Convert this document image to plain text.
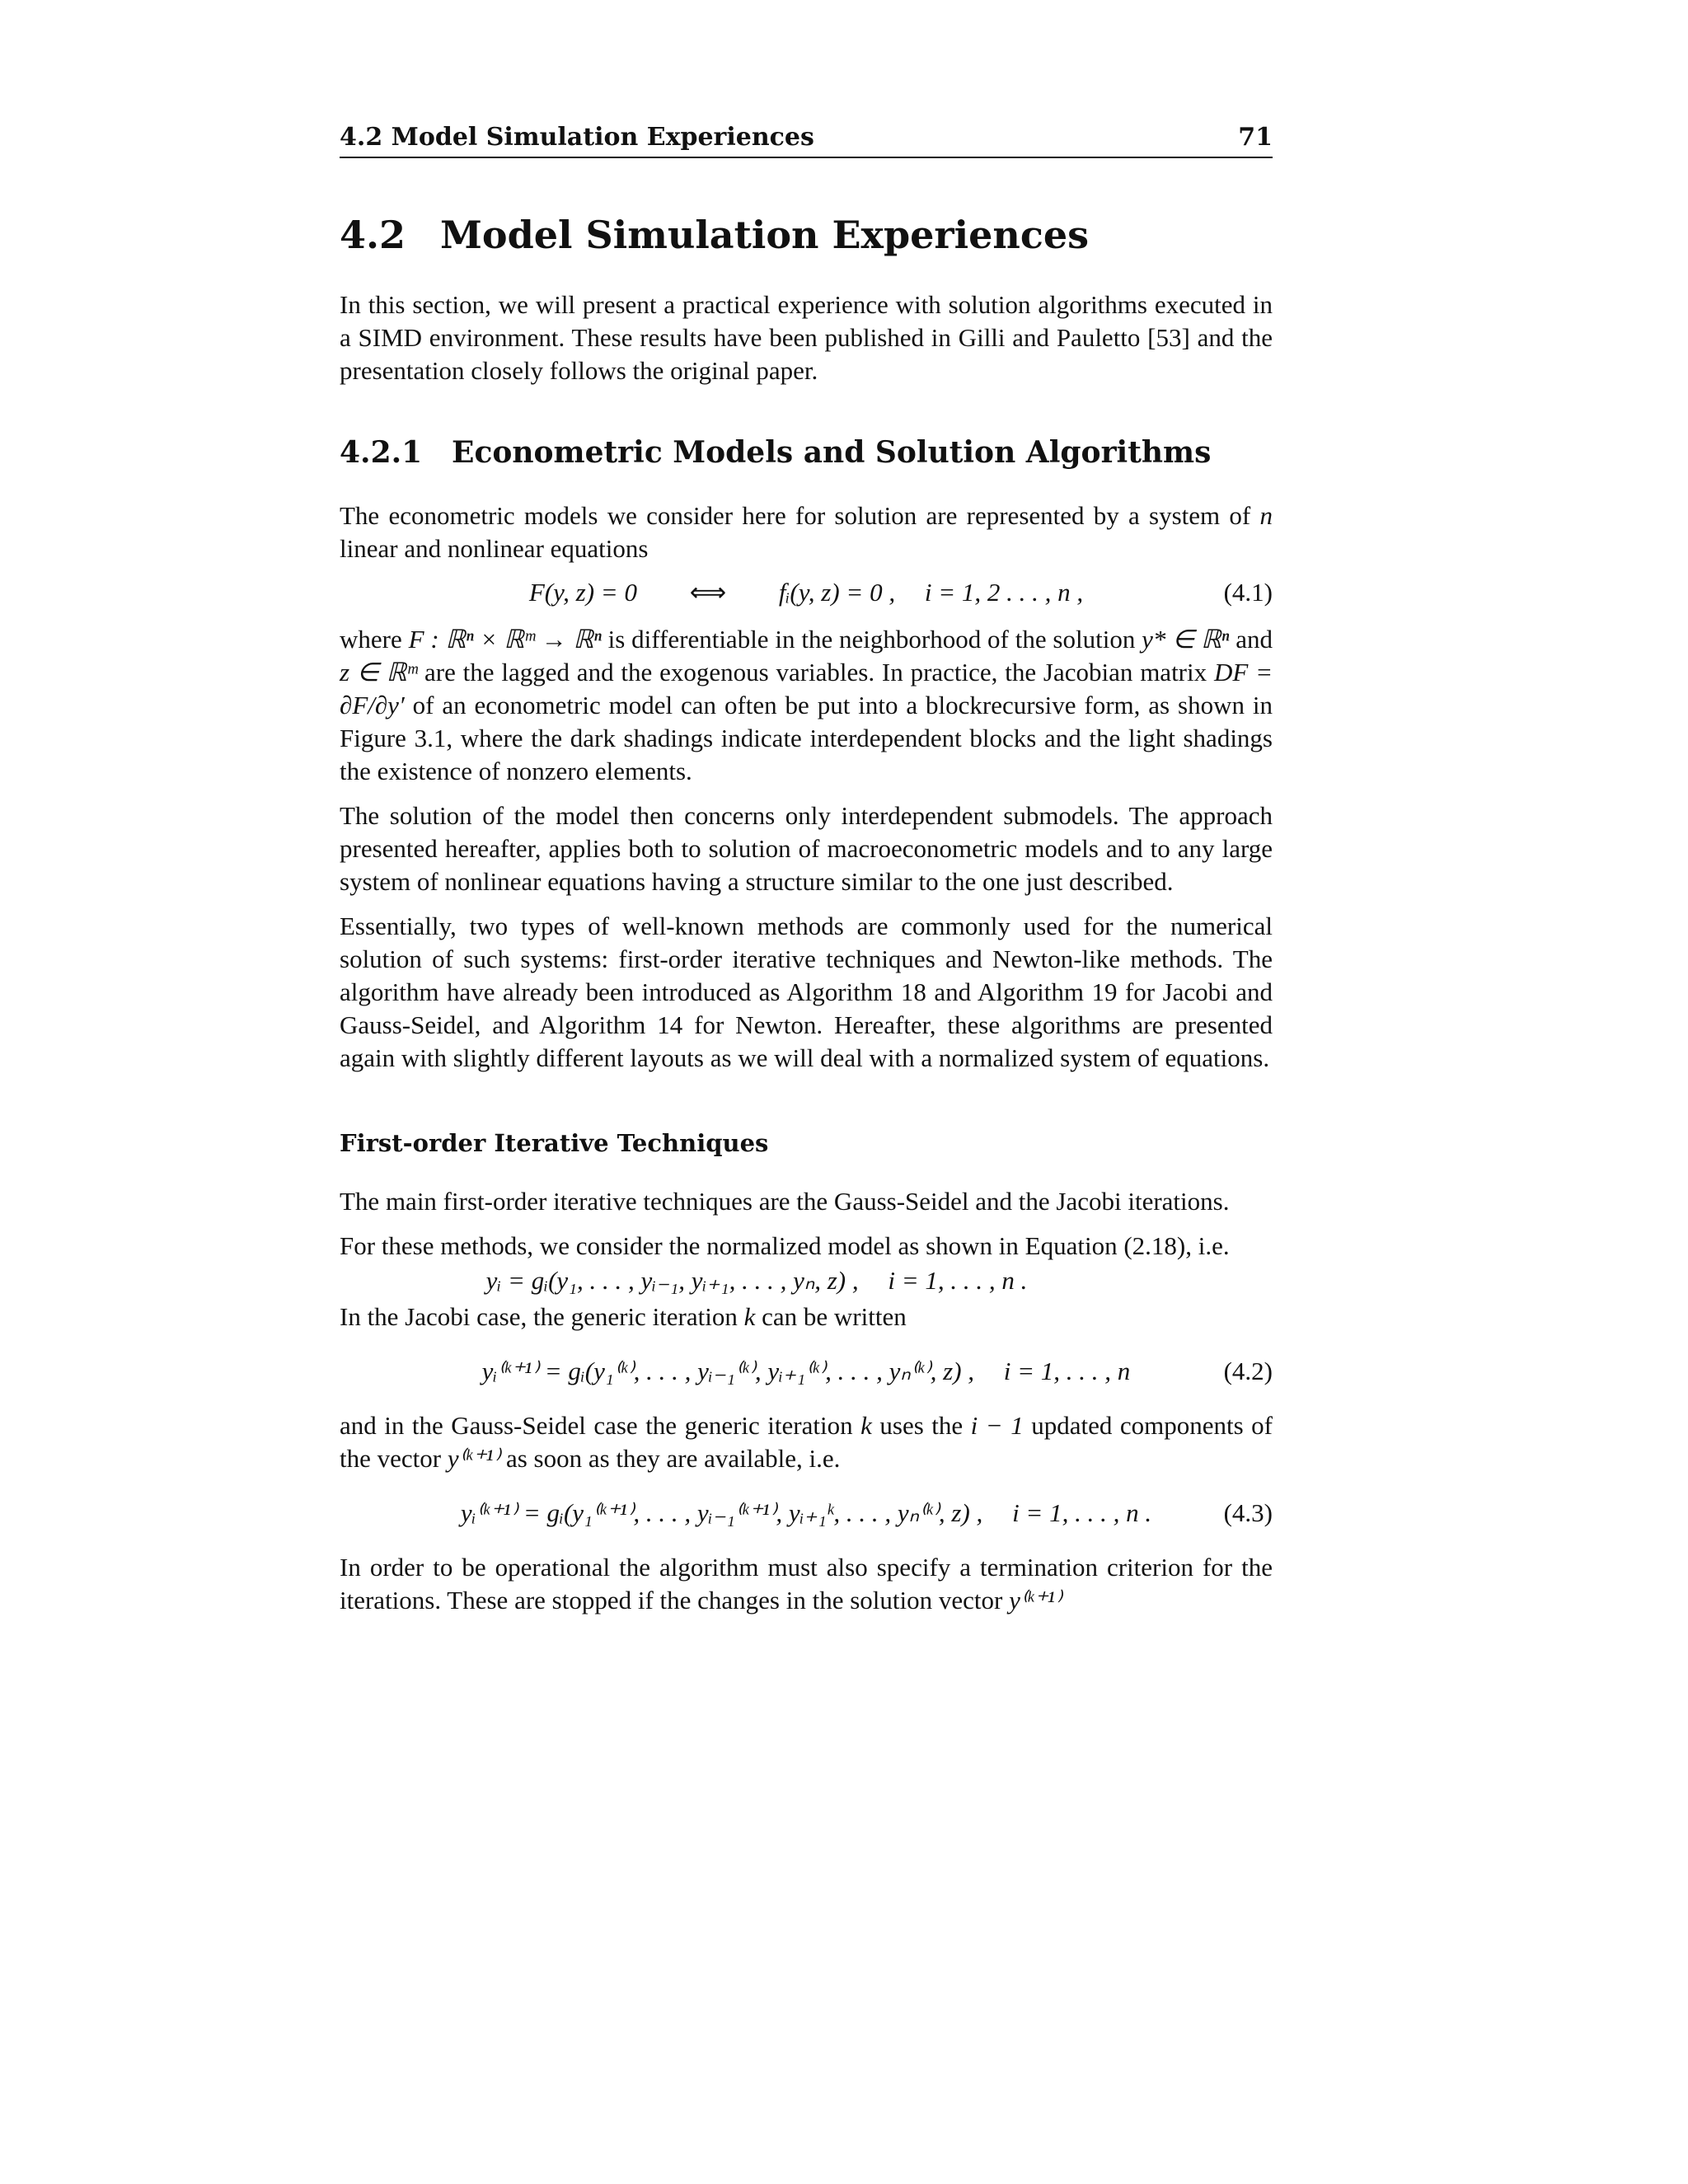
4.2 Model Simulation Experiences	71
4.2 Model Simulation Experiences

In this section, we will present a practical experience with solution algorithms executed in a SIMD environment. These results have been published in Gilli and Pauletto [53] and the presentation closely follows the original paper.

4.2.1 Econometric Models and Solution Algorithms

The econometric models we consider here for solution are represented by a system of n linear and nonlinear equations

F(y, z) = 0 ⟺ fᵢ(y, z) = 0 , i = 1, 2 . . . , n ,	(4.1)

where F : ℝⁿ × ℝᵐ → ℝⁿ is differentiable in the neighborhood of the solution y* ∈ ℝⁿ and z ∈ ℝᵐ are the lagged and the exogenous variables. In practice, the Jacobian matrix DF = ∂F/∂y′ of an econometric model can often be put into a blockrecursive form, as shown in Figure 3.1, where the dark shadings indicate interdependent blocks and the light shadings the existence of nonzero elements.

The solution of the model then concerns only interdependent submodels. The approach presented hereafter, applies both to solution of macroeconometric models and to any large system of nonlinear equations having a structure similar to the one just described.

Essentially, two types of well-known methods are commonly used for the numerical solution of such systems: first-order iterative techniques and Newton-like methods. The algorithm have already been introduced as Algorithm 18 and Algorithm 19 for Jacobi and Gauss-Seidel, and Algorithm 14 for Newton. Hereafter, these algorithms are presented again with slightly different layouts as we will deal with a normalized system of equations.

First-order Iterative Techniques

The main first-order iterative techniques are the Gauss-Seidel and the Jacobi iterations.

For these methods, we consider the normalized model as shown in Equation (2.18), i.e.

yᵢ = gᵢ(y₁, . . . , yᵢ₋₁, yᵢ₊₁, . . . , yₙ, z) , i = 1, . . . , n .

In the Jacobi case, the generic iteration k can be written

yᵢ⁽ᵏ⁺¹⁾ = gᵢ(y₁⁽ᵏ⁾, . . . , yᵢ₋₁⁽ᵏ⁾, yᵢ₊₁⁽ᵏ⁾, . . . , yₙ⁽ᵏ⁾, z) , i = 1, . . . , n	(4.2)

and in the Gauss-Seidel case the generic iteration k uses the i − 1 updated components of the vector y⁽ᵏ⁺¹⁾ as soon as they are available, i.e.

yᵢ⁽ᵏ⁺¹⁾ = gᵢ(y₁⁽ᵏ⁺¹⁾, . . . , yᵢ₋₁⁽ᵏ⁺¹⁾, yᵢ₊₁ᵏ, . . . , yₙ⁽ᵏ⁾, z) , i = 1, . . . , n .	(4.3)

In order to be operational the algorithm must also specify a termination criterion for the iterations. These are stopped if the changes in the solution vector y⁽ᵏ⁺¹⁾
